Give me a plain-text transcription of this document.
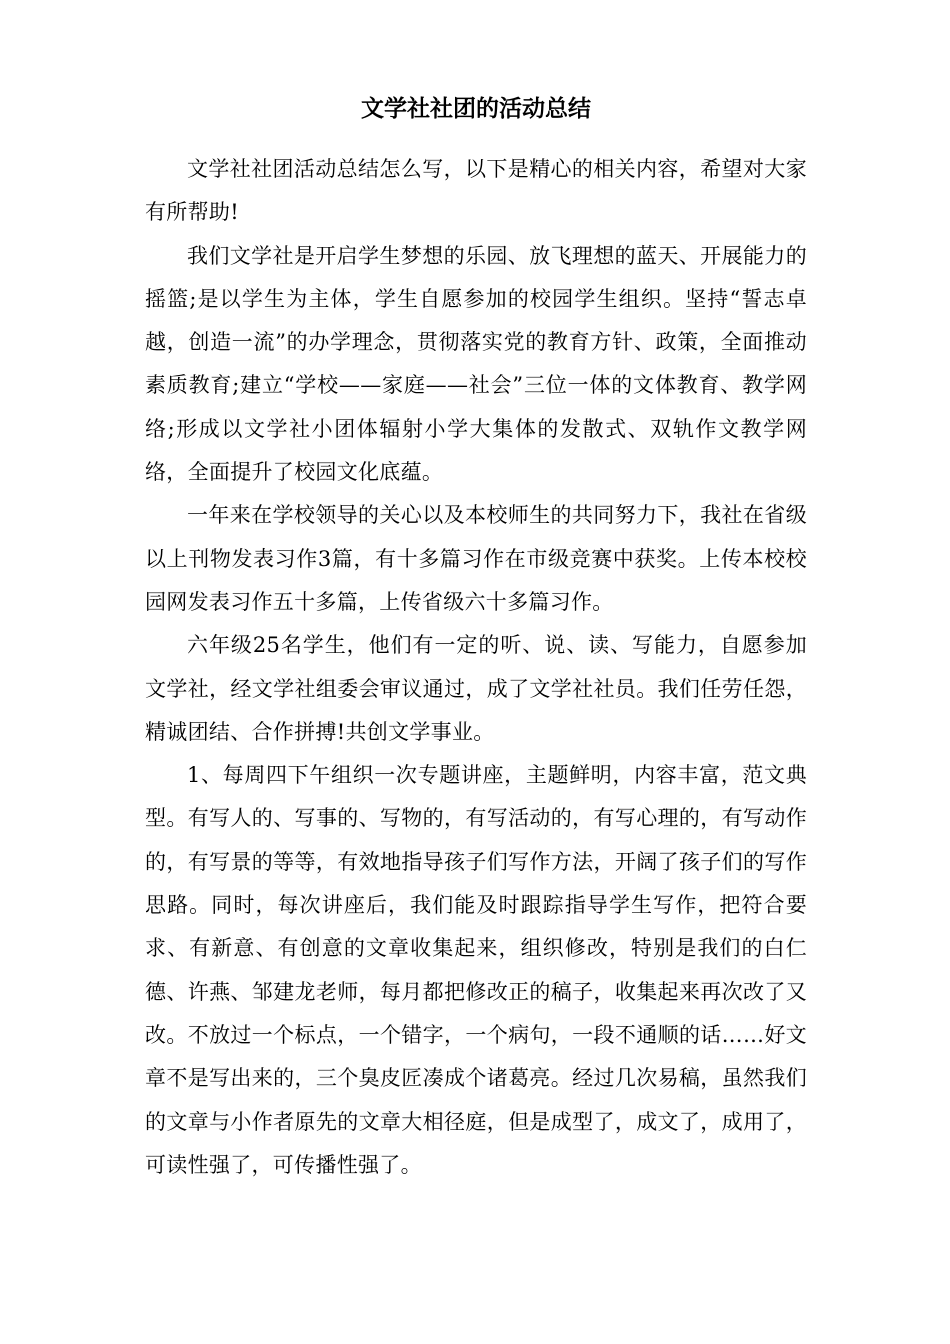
文学社社团的活动总结

文学社社团活动总结怎么写，以下是精心的相关内容，希望对大家有所帮助!

我们文学社是开启学生梦想的乐园、放飞理想的蓝天、开展能力的摇篮;是以学生为主体，学生自愿参加的校园学生组织。坚持“誓志卓越，创造一流”的办学理念，贯彻落实党的教育方针、政策，全面推动素质教育;建立“学校——家庭——社会”三位一体的文体教育、教学网络;形成以文学社小团体辐射小学大集体的发散式、双轨作文教学网络，全面提升了校园文化底蕴。

一年来在学校领导的关心以及本校师生的共同努力下，我社在省级以上刊物发表习作3篇，有十多篇习作在市级竞赛中获奖。上传本校校园网发表习作五十多篇，上传省级六十多篇习作。

六年级25名学生，他们有一定的听、说、读、写能力，自愿参加文学社，经文学社组委会审议通过，成了文学社社员。我们任劳任怨，精诚团结、合作拼搏!共创文学事业。

1、每周四下午组织一次专题讲座，主题鲜明，内容丰富，范文典型。有写人的、写事的、写物的，有写活动的，有写心理的，有写动作的，有写景的等等，有效地指导孩子们写作方法，开阔了孩子们的写作思路。同时，每次讲座后，我们能及时跟踪指导学生写作，把符合要求、有新意、有创意的文章收集起来，组织修改，特别是我们的白仁德、许燕、邹建龙老师，每月都把修改正的稿子，收集起来再次改了又改。不放过一个标点，一个错字，一个病句，一段不通顺的话……好文章不是写出来的，三个臭皮匠凑成个诸葛亮。经过几次易稿，虽然我们的文章与小作者原先的文章大相径庭，但是成型了，成文了，成用了，可读性强了，可传播性强了。
